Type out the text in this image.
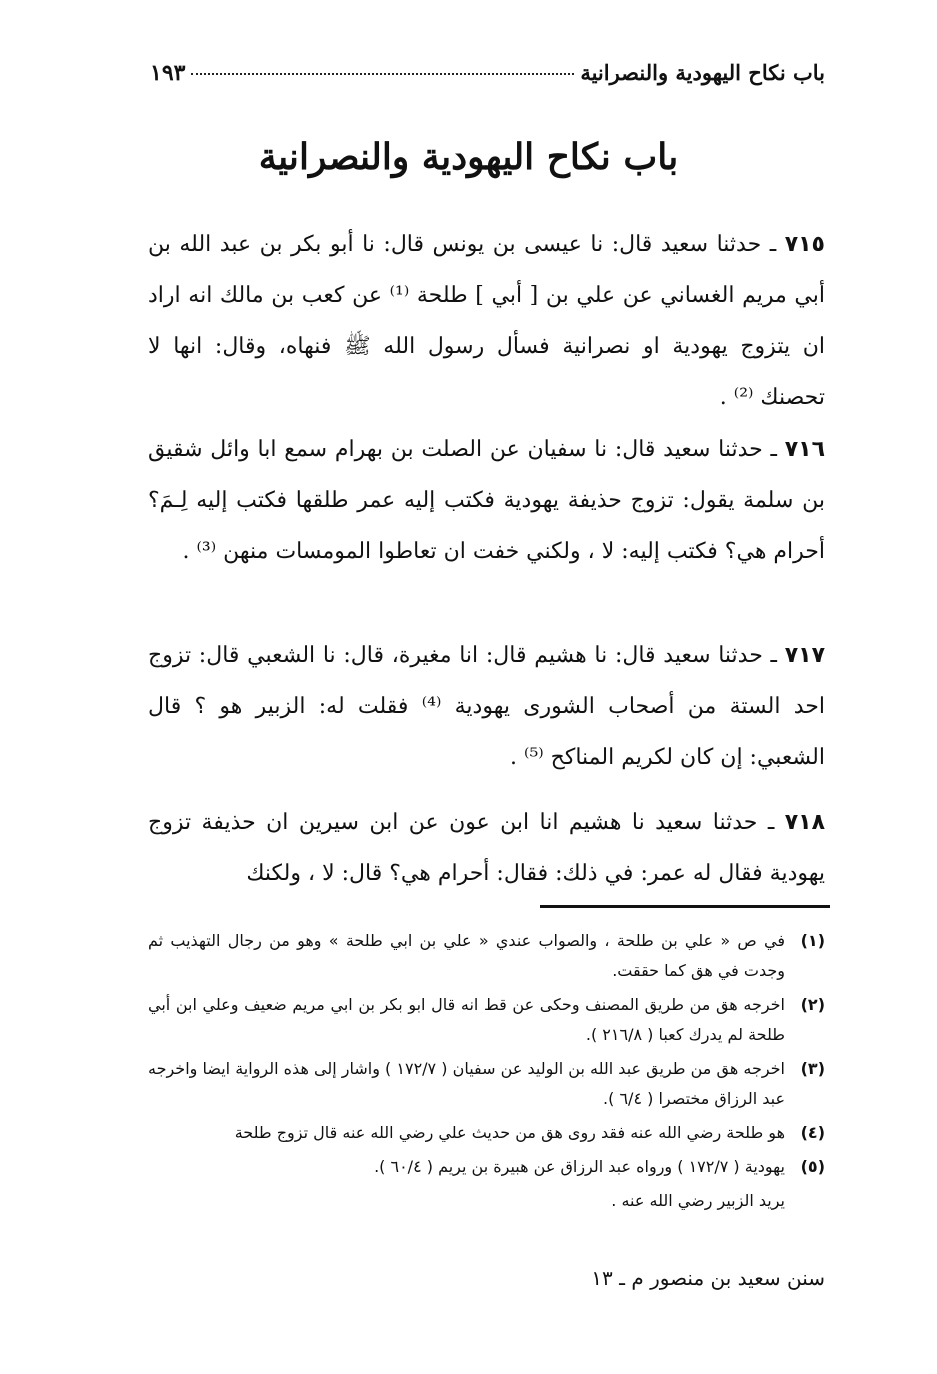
باب نكاح اليهودية والنصرانية
١٩٣
باب نكاح اليهودية والنصرانية

٧١٥ ـ حدثنا سعيد قال: نا عيسى بن يونس قال: نا أبو بكر بن عبد الله بن أبي مريم الغساني عن علي بن [ أبي ] طلحة ⁽¹⁾ عن كعب بن مالك انه اراد ان يتزوج يهودية او نصرانية فسأل رسول الله ﷺ فنهاه، وقال: انها لا تحصنك ⁽²⁾ .

٧١٦ ـ حدثنا سعيد قال: نا سفيان عن الصلت بن بهرام سمع ابا وائل شقيق بن سلمة يقول: تزوج حذيفة يهودية فكتب إليه عمر طلقها فكتب إليه لِـمَ؟ أحرام هي؟ فكتب إليه: لا ، ولكني خفت ان تعاطوا المومسات منهن ⁽³⁾ .

٧١٧ ـ حدثنا سعيد قال: نا هشيم قال: انا مغيرة، قال: نا الشعبي قال: تزوج احد الستة من أصحاب الشورى يهودية ⁽⁴⁾ فقلت له: الزبير هو ؟ قال الشعبي: إن كان لكريم المناكح ⁽⁵⁾ .

٧١٨ ـ حدثنا سعيد نا هشيم انا ابن عون عن ابن سيرين ان حذيفة تزوج يهودية فقال له عمر: في ذلك: فقال: أحرام هي؟ قال: لا ، ولكنك

(١)
في ص « علي بن طلحة ، والصواب عندي « علي بن ابي طلحة » وهو من رجال التهذيب ثم وجدت في هق كما حققت.
(٢)
اخرجه هق من طريق المصنف وحكى عن قط انه قال ابو بكر بن ابي مريم ضعيف وعلي ابن أبي طلحة لم يدرك كعبا ( ٢١٦/٨ ).
(٣)
اخرجه هق من طريق عبد الله بن الوليد عن سفيان ( ١٧٢/٧ ) واشار إلى هذه الرواية ايضا واخرجه عبد الرزاق مختصرا ( ٦/٤ ).
(٤)
هو طلحة رضي الله عنه فقد روى هق من حديث علي رضي الله عنه قال تزوج طلحة
(٥)
يهودية ( ١٧٢/٧ ) ورواه عبد الرزاق عن هبيرة بن يريم ( ٦٠/٤ ).
يريد الزبير رضي الله عنه .
سنن سعيد بن منصور م ـ ١٣
